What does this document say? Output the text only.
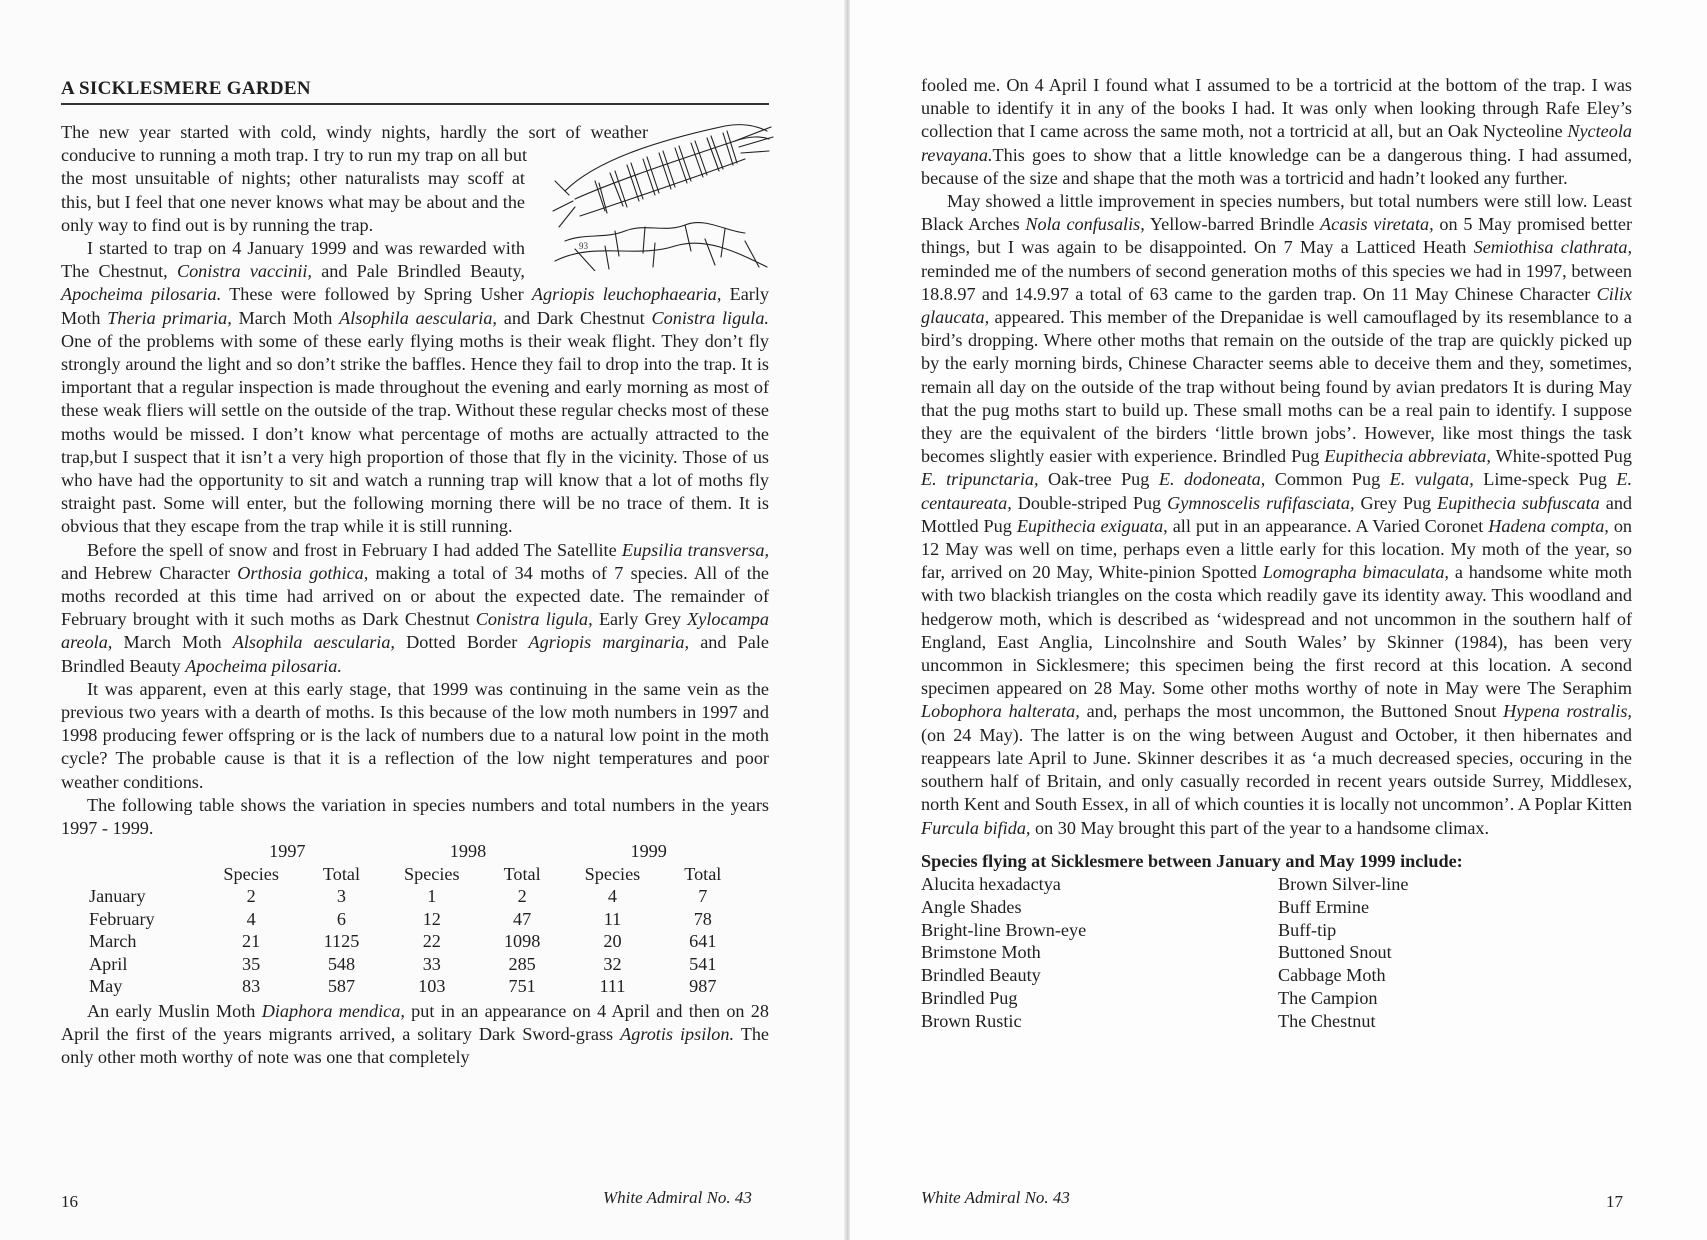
A SICKLESMERE GARDEN

93
The new year started with cold, windy nights, hardly the sort of weather conducive to running a moth trap. I try to run my trap on all but the most unsuitable of nights; other naturalists may scoff at this, but I feel that one never knows what may be about and the only way to find out is by running the trap.

I started to trap on 4 January 1999 and was rewarded with The Chestnut, Conistra vaccinii, and Pale Brindled Beauty, Apocheima pilosaria. These were followed by Spring Usher Agriopis leuchophaearia, Early Moth Theria primaria, March Moth Alsophila aescularia, and Dark Chestnut Conistra ligula. One of the problems with some of these early flying moths is their weak flight. They don’t fly strongly around the light and so don’t strike the baffles. Hence they fail to drop into the trap. It is important that a regular inspection is made throughout the evening and early morning as most of these weak fliers will settle on the outside of the trap. Without these regular checks most of these moths would be missed. I don’t know what percentage of moths are actually attracted to the trap,but I suspect that it isn’t a very high proportion of those that fly in the vicinity. Those of us who have had the opportunity to sit and watch a running trap will know that a lot of moths fly straight past. Some will enter, but the following morning there will be no trace of them. It is obvious that they escape from the trap while it is still running.

Before the spell of snow and frost in February I had added The Satellite Eupsilia transversa, and Hebrew Character Orthosia gothica, making a total of 34 moths of 7 species. All of the moths recorded at this time had arrived on or about the expected date. The remainder of February brought with it such moths as Dark Chestnut Conistra ligula, Early Grey Xylocampa areola, March Moth Alsophila aescularia, Dotted Border Agriopis marginaria, and Pale Brindled Beauty Apocheima pilosaria.

It was apparent, even at this early stage, that 1999 was continuing in the same vein as the previous two years with a dearth of moths. Is this because of the low moth numbers in 1997 and 1998 producing fewer offspring or is the lack of numbers due to a natural low point in the moth cycle? The probable cause is that it is a reflection of the low night temperatures and poor weather conditions.

The following table shows the variation in species numbers and total numbers in the years 1997 - 1999.

	1997		1998		1999	
	Species	Total	Species	Total	Species	Total
January	2	3	1	2	4	7
February	4	6	12	47	11	78
March	21	1125	22	1098	20	641
April	35	548	33	285	32	541
May	83	587	103	751	111	987

An early Muslin Moth Diaphora mendica, put in an appearance on 4 April and then on 28 April the first of the years migrants arrived, a solitary Dark Sword-grass Agrotis ipsilon. The only other moth worthy of note was one that completely

16	White Admiral No. 43

fooled me. On 4 April I found what I assumed to be a tortricid at the bottom of the trap. I was unable to identify it in any of the books I had. It was only when looking through Rafe Eley’s collection that I came across the same moth, not a tortricid at all, but an Oak Nycteoline Nycteola revayana.This goes to show that a little knowledge can be a dangerous thing. I had assumed, because of the size and shape that the moth was a tortricid and hadn’t looked any further.

May showed a little improvement in species numbers, but total numbers were still low. Least Black Arches Nola confusalis, Yellow-barred Brindle Acasis viretata, on 5 May promised better things, but I was again to be disappointed. On 7 May a Latticed Heath Semiothisa clathrata, reminded me of the numbers of second generation moths of this species we had in 1997, between 18.8.97 and 14.9.97 a total of 63 came to the garden trap. On 11 May Chinese Character Cilix glaucata, appeared. This member of the Drepanidae is well camouflaged by its resemblance to a bird’s dropping. Where other moths that remain on the outside of the trap are quickly picked up by the early morning birds, Chinese Character seems able to deceive them and they, sometimes, remain all day on the outside of the trap without being found by avian predators It is during May that the pug moths start to build up. These small moths can be a real pain to identify. I suppose they are the equivalent of the birders ‘little brown jobs’. However, like most things the task becomes slightly easier with experience. Brindled Pug Eupithecia abbreviata, White-spotted Pug E. tripunctaria, Oak-tree Pug E. dodoneata, Common Pug E. vulgata, Lime-speck Pug E. centaureata, Double-striped Pug Gymnoscelis rufifasciata, Grey Pug Eupithecia subfuscata and Mottled Pug Eupithecia exiguata, all put in an appearance. A Varied Coronet Hadena compta, on 12 May was well on time, perhaps even a little early for this location. My moth of the year, so far, arrived on 20 May, White-pinion Spotted Lomographa bimaculata, a handsome white moth with two blackish triangles on the costa which readily gave its identity away. This woodland and hedgerow moth, which is described as ‘widespread and not uncommon in the southern half of England, East Anglia, Lincolnshire and South Wales’ by Skinner (1984), has been very uncommon in Sicklesmere; this specimen being the first record at this location. A second specimen appeared on 28 May. Some other moths worthy of note in May were The Seraphim Lobophora halterata, and, perhaps the most uncommon, the Buttoned Snout Hypena rostralis, (on 24 May). The latter is on the wing between August and October, it then hibernates and reappears late April to June. Skinner describes it as ‘a much decreased species, occuring in the southern half of Britain, and only casually recorded in recent years outside Surrey, Middlesex, north Kent and South Essex, in all of which counties it is locally not uncommon’. A Poplar Kitten Furcula bifida, on 30 May brought this part of the year to a handsome climax.

Species flying at Sicklesmere between January and May 1999 include:

Alucita hexadactya	Brown Silver-line
Angle Shades	Buff Ermine
Bright-line Brown-eye	Buff-tip
Brimstone Moth	Buttoned Snout
Brindled Beauty	Cabbage Moth
Brindled Pug	The Campion
Brown Rustic	The Chestnut
White Admiral No. 43	17
